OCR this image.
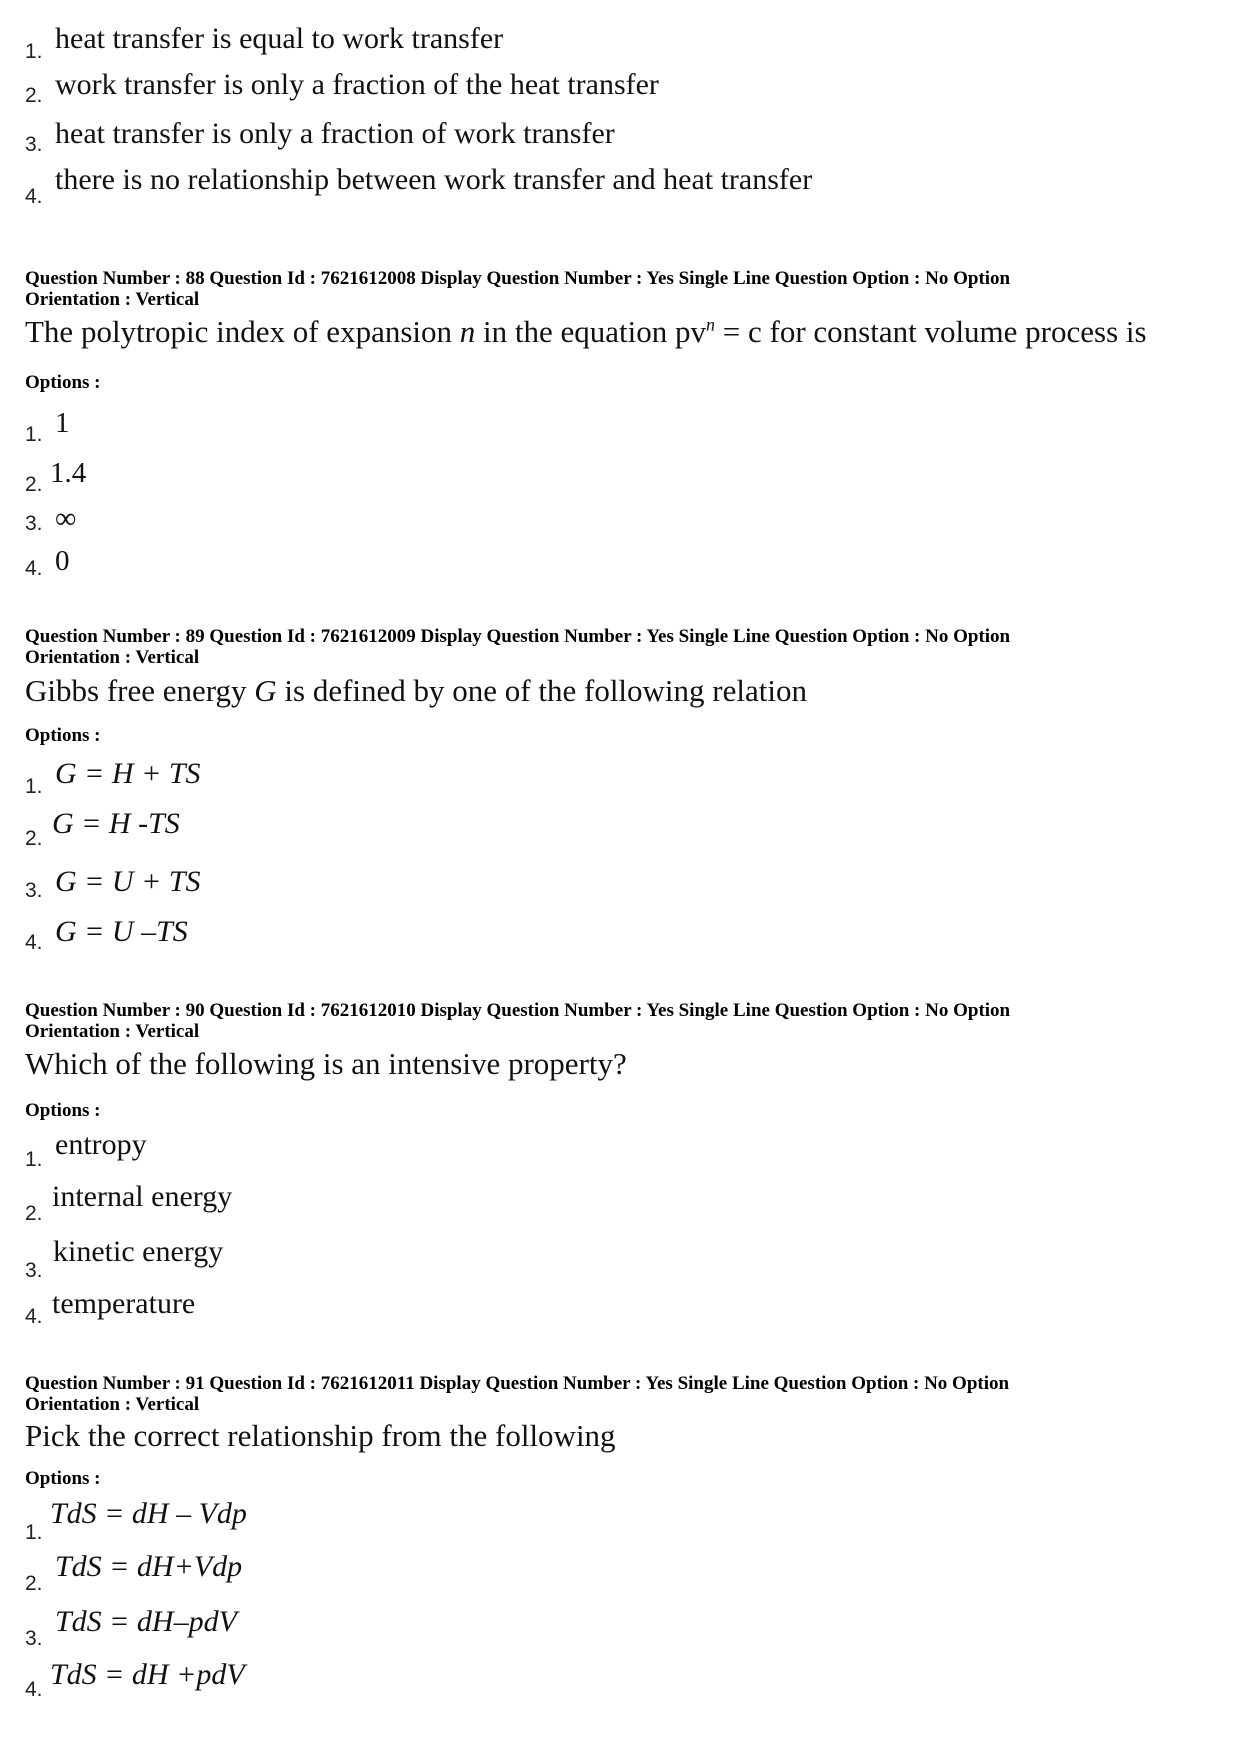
1. heat transfer is equal to work transfer
2. work transfer is only a fraction of the heat transfer
3. heat transfer is only a fraction of work transfer
4.
there is no relationship between work transfer and heat transfer
Question Number : 88 Question Id : 7621612008 Display Question Number : Yes Single Line Question Option : No Option
Orientation : Vertical
The polytropic index of expansion n in the equation $pv^n = c$ for constant volume process is
Options :
1. 1
2. 1.4
3. ∞
4. 0
Question Number : 89 Question Id : 7621612009 Display Question Number : Yes Single Line Question Option : No Option
Orientation : Vertical
Gibbs free energy G is defined by one of the following relation
Options :
1. G = H + TS
2. G = H -TS
3. G = U + TS
4. G = U –TS
Question Number : 90 Question Id : 7621612010 Display Question Number : Yes Single Line Question Option : No Option
Orientation : Vertical
Which of the following is an intensive property?
Options :
1. entropy
2.
internal energy
3.
kinetic energy
4. temperature
Question Number : 91 Question Id : 7621612011 Display Question Number : Yes Single Line Question Option : No Option
Orientation : Vertical
Pick the correct relationship from the following
Options :
1.
TdS = dH – Vdp
2.
TdS = dH+Vdp
3.
TdS = dH–pdV
4. TdS = dH +pdV
